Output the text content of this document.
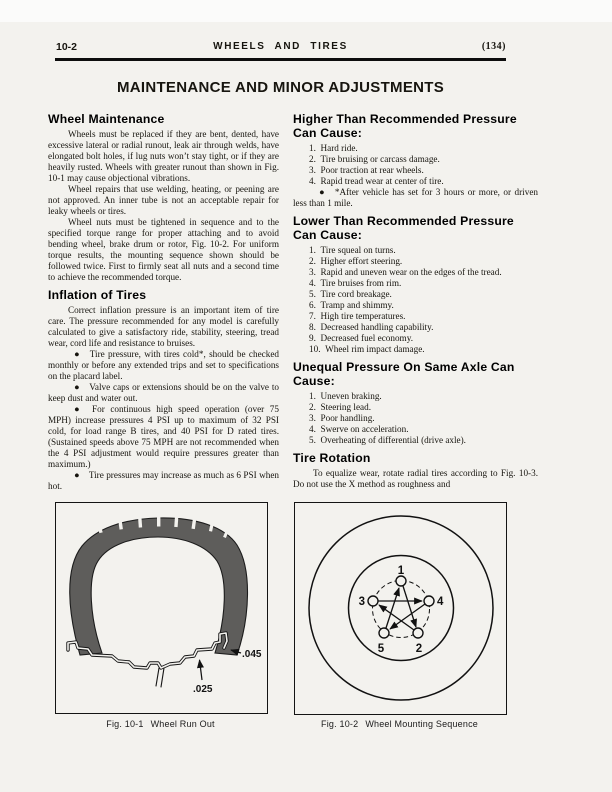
10-2	WHEELS AND TIRES	(134)
MAINTENANCE AND MINOR ADJUSTMENTS
Wheel Maintenance

Wheels must be replaced if they are bent, dented, have excessive lateral or radial runout, leak air through welds, have elongated bolt holes, if lug nuts won’t stay tight, or if they are heavily rusted. Wheels with greater runout than shown in Fig. 10-1 may cause objectional vibrations.

Wheel repairs that use welding, heating, or peening are not approved. An inner tube is not an acceptable repair for leaky wheels or tires.

Wheel nuts must be tightened in sequence and to the specified torque range for proper attaching and to avoid bending wheel, brake drum or rotor, Fig. 10-2. For uniform torque results, the mounting sequence shown should be followed twice. First to firmly seat all nuts and a second time to achieve the recommended torque.

Inflation of Tires

Correct inflation pressure is an important item of tire care. The pressure recommended for any model is carefully calculated to give a satisfactory ride, stability, steering, tread wear, cord life and resistance to bruises.

●  Tire pressure, with tires cold*, should be checked monthly or before any extended trips and set to specifications on the placard label.

●  Valve caps or extensions should be on the valve to keep dust and water out.

●  For continuous high speed operation (over 75 MPH) increase pressures 4 PSI up to maximum of 32 PSI cold, for load range B tires, and 40 PSI for D rated tires. (Sustained speeds above 75 MPH are not recommended when the 4 PSI adjustment would require pressures greater than maximum.)

●  Tire pressures may increase as much as 6 PSI when hot.

Higher Than Recommended Pressure Can Cause:

1. Hard ride.

2. Tire bruising or carcass damage.

3. Poor traction at rear wheels.

4. Rapid tread wear at center of tire.

●  *After vehicle has set for 3 hours or more, or driven less than 1 mile.

Lower Than Recommended Pressure Can Cause:

1. Tire squeal on turns.

2. Higher effort steering.

3. Rapid and uneven wear on the edges of the tread.

4. Tire bruises from rim.

5. Tire cord breakage.

6. Tramp and shimmy.

7. High tire temperatures.

8. Decreased handling capability.

9. Decreased fuel economy.

10. Wheel rim impact damage.

Unequal Pressure On Same Axle Can Cause:

1. Uneven braking.

2. Steering lead.

3. Poor handling.

4. Swerve on acceleration.

5. Overheating of differential (drive axle).

Tire Rotation

To equalize wear, rotate radial tires according to Fig. 10-3. Do not use the X method as roughness and

.045
.025
Fig. 10-1 Wheel Run Out
1
3	4
5	2
Fig. 10-2 Wheel Mounting Sequence
